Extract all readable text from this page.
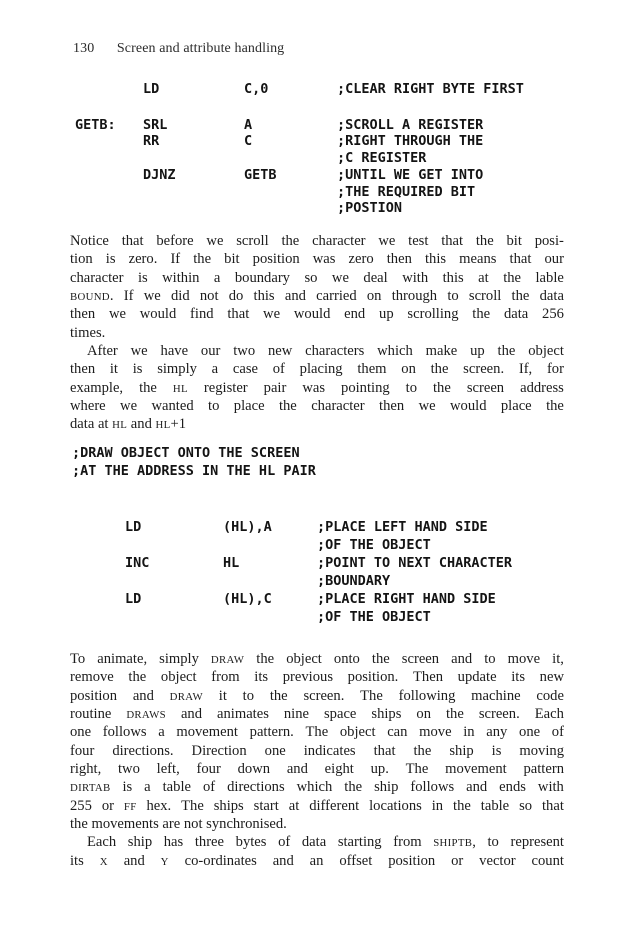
130 Screen and attribute handling
LD	C,0	;CLEAR RIGHT BYTE FIRST
GETB: SRL	A	;SCROLL A REGISTER
RR	C	;RIGHT THROUGH THE
;C REGISTER
DJNZ	GETB	;UNTIL WE GET INTO
;THE REQUIRED BIT
;POSTION
Notice that before we scroll the character we test that the bit posi-
tion is zero. If the bit position was zero then this means that our
character is within a boundary so we deal with this at the lable
BOUND. If we did not do this and carried on through to scroll the data
then we would find that we would end up scrolling the data 256
times.
After we have our two new characters which make up the object
then it is simply a case of placing them on the screen. If, for
example, the HL register pair was pointing to the screen address
where we wanted to place the character then we would place the
data at HL and HL+1
;DRAW OBJECT ONTO THE SCREEN
;AT THE ADDRESS IN THE HL PAIR
LD	(HL),A	;PLACE LEFT HAND SIDE
;OF THE OBJECT
INC	HL	;POINT TO NEXT CHARACTER
;BOUNDARY
LD	(HL),C	;PLACE RIGHT HAND SIDE
;OF THE OBJECT
To animate, simply DRAW the object onto the screen and to move it,
remove the object from its previous position. Then update its new
position and DRAW it to the screen. The following machine code
routine DRAWS and animates nine space ships on the screen. Each
one follows a movement pattern. The object can move in any one of
four directions. Direction one indicates that the ship is moving
right, two left, four down and eight up. The movement pattern
DIRTAB is a table of directions which the ship follows and ends with
255 or FF hex. The ships start at different locations in the table so that
the movements are not synchronised.
Each ship has three bytes of data starting from SHIPTB, to represent
its X and Y co-ordinates and an offset position or vector count
